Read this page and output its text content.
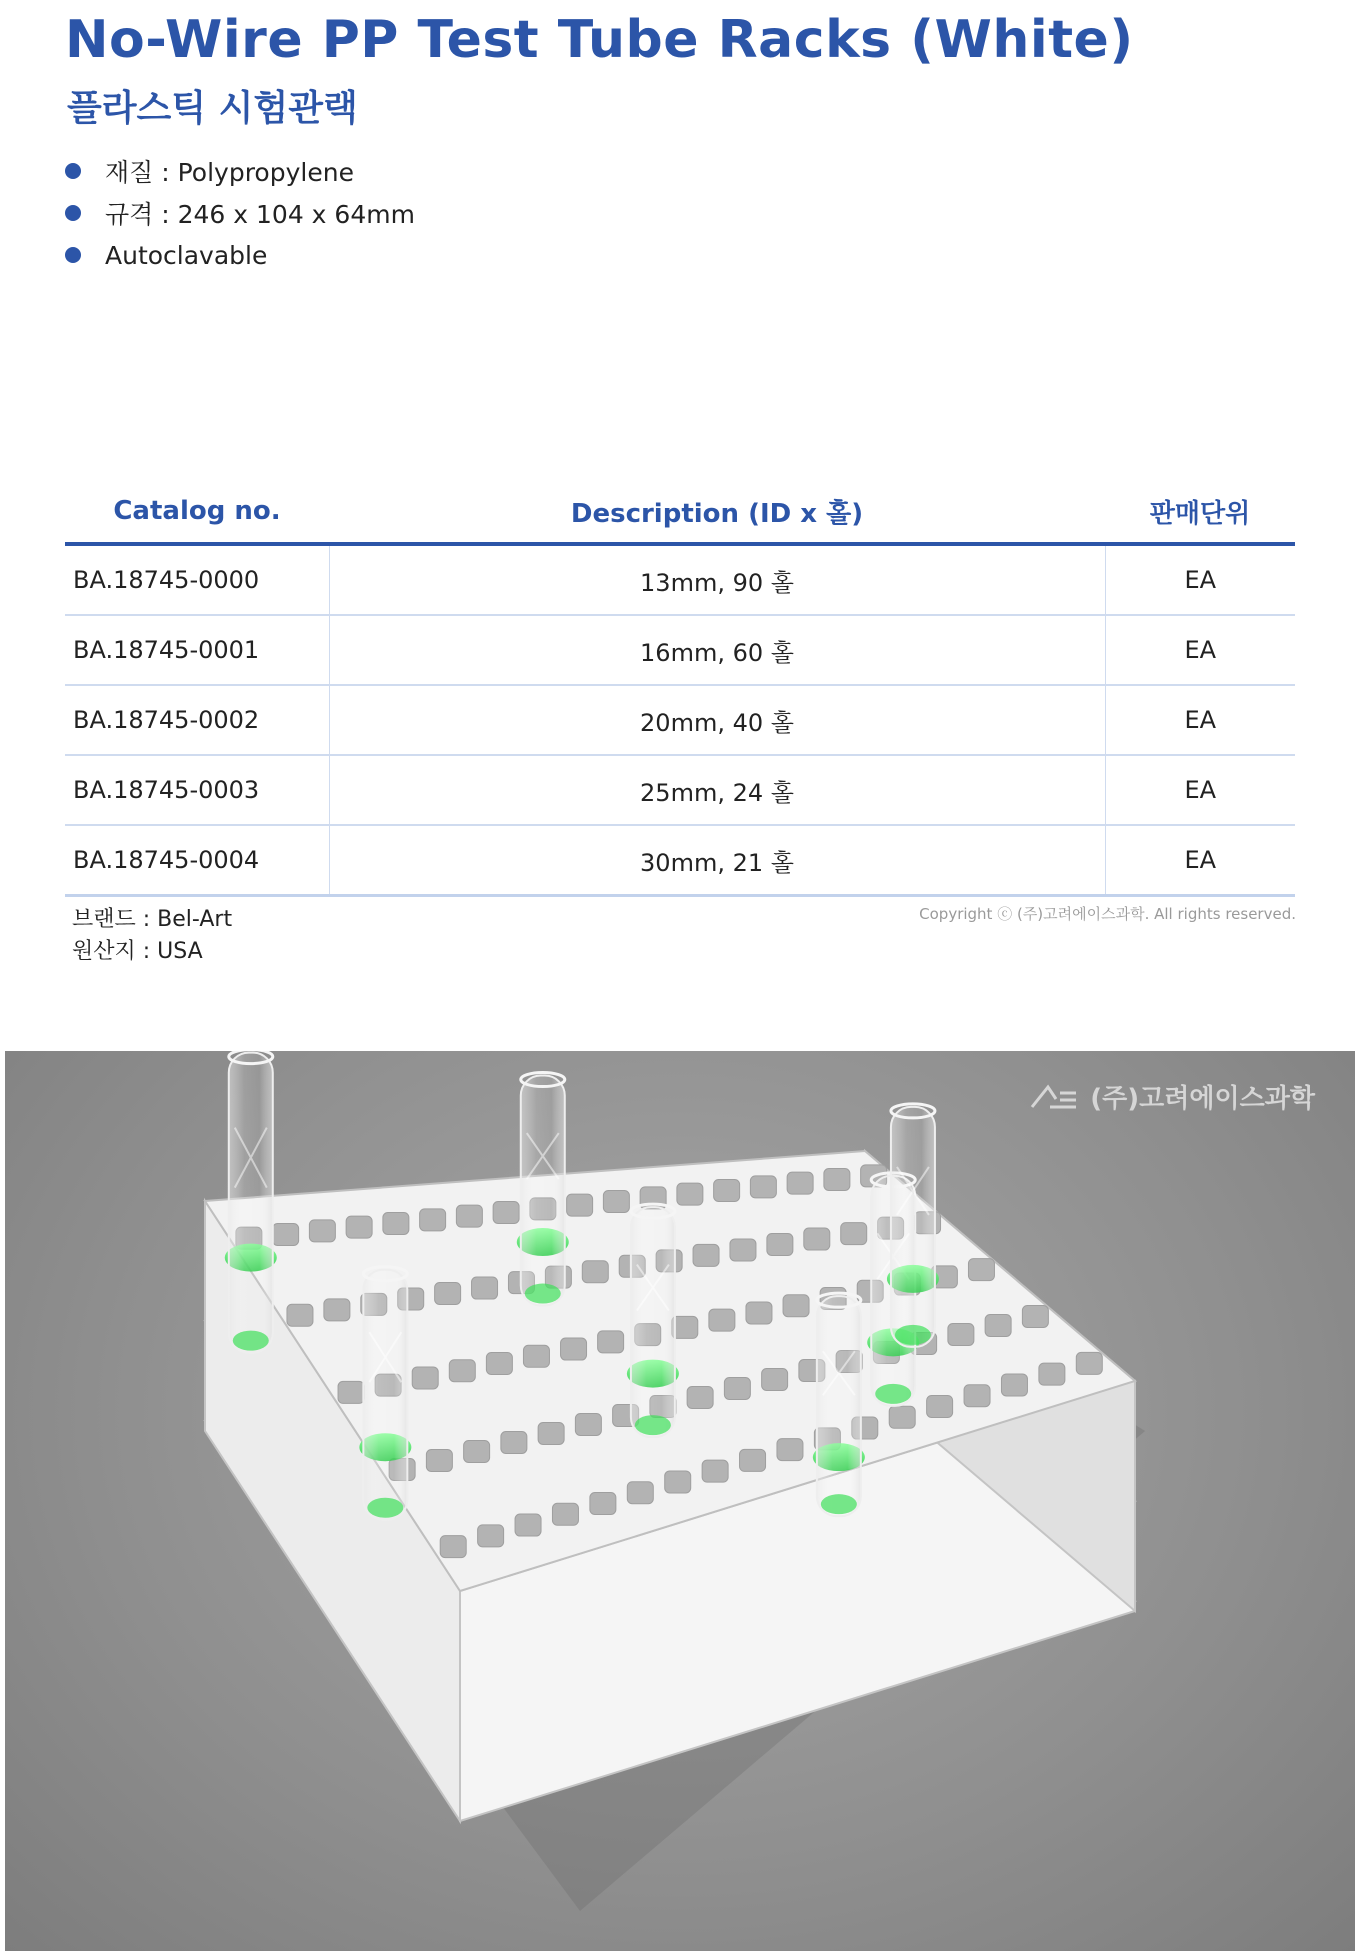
No-Wire PP Test Tube Racks (White)
플라스틱 시험관랙
재질 : Polypropylene
규격 : 246 x 104 x 64mm
Autoclavable
Catalog no.	Description (ID x 홀)	판매단위
BA.18745-0000	13mm, 90 홀	EA
BA.18745-0001	16mm, 60 홀	EA
BA.18745-0002	20mm, 40 홀	EA
BA.18745-0003	25mm, 24 홀	EA
BA.18745-0004	30mm, 21 홀	EA
브랜드 : Bel-Art
원산지 : USA
Copyright ⓒ (주)고려에이스과학. All rights reserved.
(주)고려에이스과학
